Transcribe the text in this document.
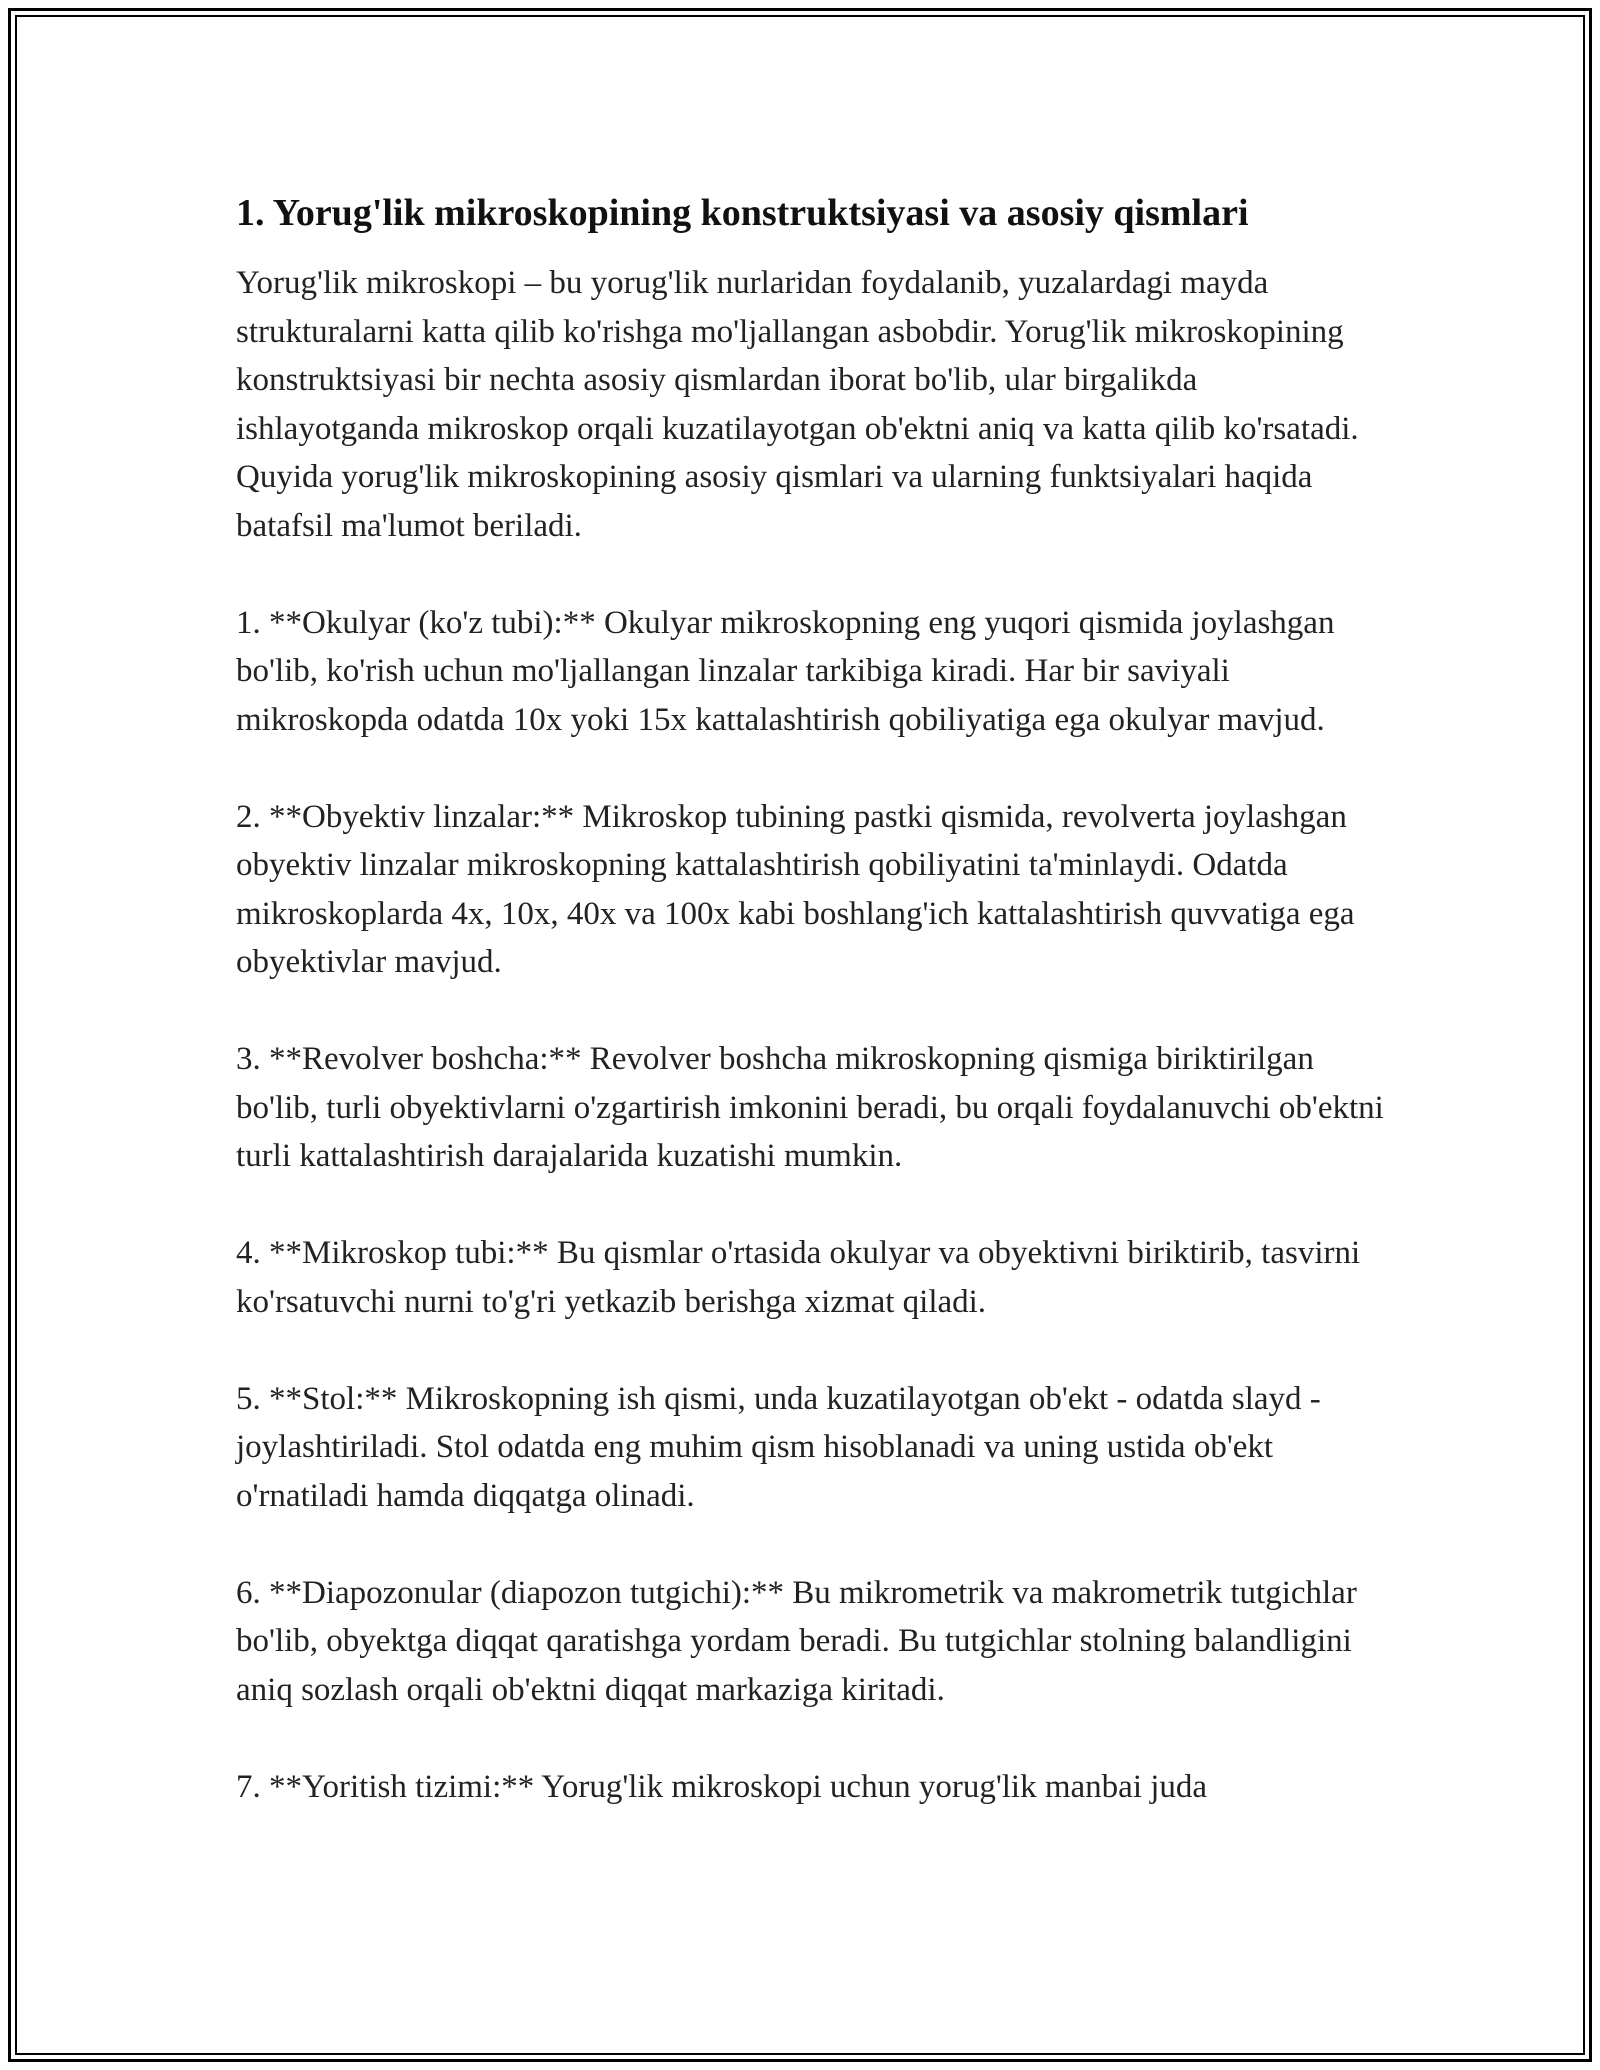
1. Yorug'lik mikroskopining konstruktsiyasi va asosiy qismlari

Yorug'lik mikroskopi – bu yorug'lik nurlaridan foydalanib, yuzalardagi mayda strukturalarni katta qilib ko'rishga mo'ljallangan asbobdir. Yorug'lik mikroskopining konstruktsiyasi bir nechta asosiy qismlardan iborat bo'lib, ular birgalikda ishlayotganda mikroskop orqali kuzatilayotgan ob'ektni aniq va katta qilib ko'rsatadi. Quyida yorug'lik mikroskopining asosiy qismlari va ularning funktsiyalari haqida batafsil ma'lumot beriladi.

1. **Okulyar (ko'z tubi):** Okulyar mikroskopning eng yuqori qismida joylashgan bo'lib, ko'rish uchun mo'ljallangan linzalar tarkibiga kiradi. Har bir saviyali mikroskopda odatda 10x yoki 15x kattalashtirish qobiliyatiga ega okulyar mavjud.

2. **Obyektiv linzalar:** Mikroskop tubining pastki qismida, revolverta joylashgan obyektiv linzalar mikroskopning kattalashtirish qobiliyatini ta'minlaydi. Odatda mikroskoplarda 4x, 10x, 40x va 100x kabi boshlang'ich kattalashtirish quvvatiga ega obyektivlar mavjud.

3. **Revolver boshcha:** Revolver boshcha mikroskopning qismiga biriktirilgan bo'lib, turli obyektivlarni o'zgartirish imkonini beradi, bu orqali foydalanuvchi ob'ektni turli kattalashtirish darajalarida kuzatishi mumkin.

4. **Mikroskop tubi:** Bu qismlar o'rtasida okulyar va obyektivni biriktirib, tasvirni ko'rsatuvchi nurni to'g'ri yetkazib berishga xizmat qiladi.

5. **Stol:** Mikroskopning ish qismi, unda kuzatilayotgan ob'ekt - odatda slayd - joylashtiriladi. Stol odatda eng muhim qism hisoblanadi va uning ustida ob'ekt o'rnatiladi hamda diqqatga olinadi.

6. **Diapozonular (diapozon tutgichi):** Bu mikrometrik va makrometrik tutgichlar bo'lib, obyektga diqqat qaratishga yordam beradi. Bu tutgichlar stolning balandligini aniq sozlash orqali ob'ektni diqqat markaziga kiritadi.

7. **Yoritish tizimi:** Yorug'lik mikroskopi uchun yorug'lik manbai juda
